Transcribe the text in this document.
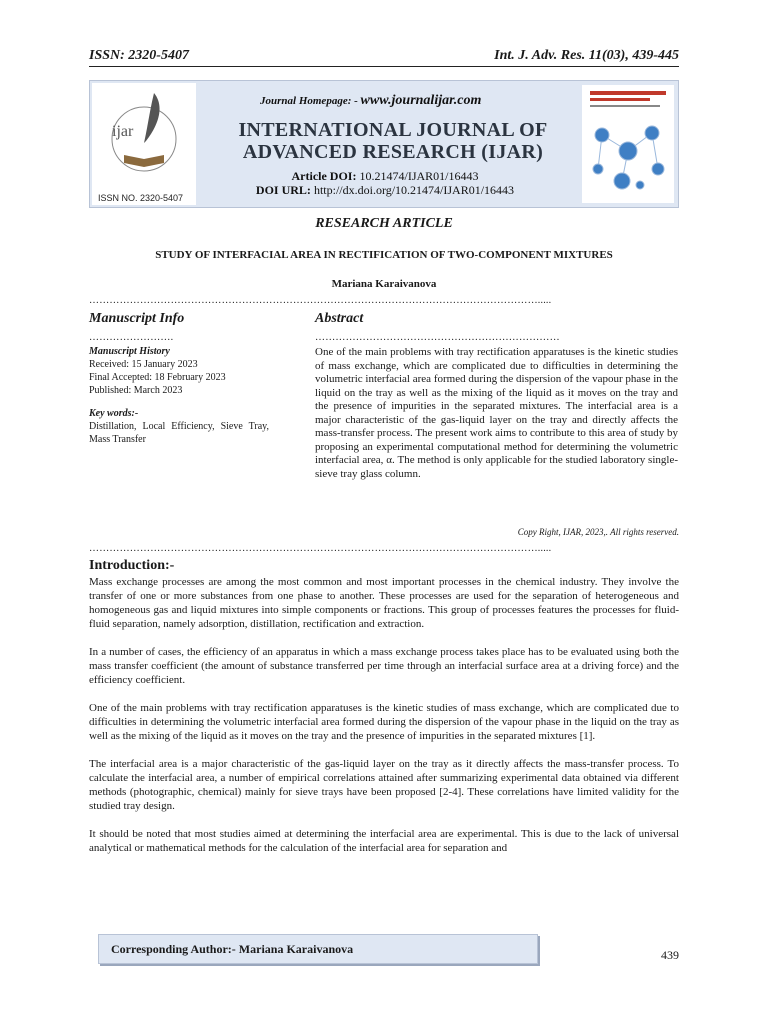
ISSN: 2320-5407	Int. J. Adv. Res. 11(03), 439-445
ijar
ISSN NO. 2320-5407
Journal Homepage: - www.journalijar.com
INTERNATIONAL JOURNAL OF
ADVANCED RESEARCH (IJAR)
Article DOI: 10.21474/IJAR01/16443
DOI URL: http://dx.doi.org/10.21474/IJAR01/16443
RESEARCH ARTICLE
STUDY OF INTERFACIAL AREA IN RECTIFICATION OF TWO-COMPONENT MIXTURES
Mariana Karaivanova
…………………………………………………………………………………………………………………….....
Manuscript Info	Abstract
…………………….	………………………………………………………………
Manuscript History
Received: 15 January 2023
Final Accepted: 18 February 2023
Published: March 2023
Key words:-
Distillation, Local Efficiency, Sieve Tray, Mass Transfer
One of the main problems with tray rectification apparatuses is the kinetic studies of mass exchange, which are complicated due to difficulties in determining the volumetric interfacial area formed during the dispersion of the vapour phase in the liquid on the tray as well as the mixing of the liquid as it moves on the tray and the presence of impurities in the separated mixtures. The interfacial area is a major characteristic of the gas-liquid layer on the tray and directly affects the mass-transfer process. The present work aims to contribute to this area of study by proposing an experimental computational method for determining the volumetric interfacial area, α. The method is only applicable for the studied laboratory single-sieve tray glass column.
Copy Right, IJAR, 2023,. All rights reserved.
…………………………………………………………………………………………………………………….....
Introduction:-

Mass exchange processes are among the most common and most important processes in the chemical industry. They involve the transfer of one or more substances from one phase to another. These processes are used for the separation of heterogeneous and homogeneous gas and liquid mixtures into simple components or fractions. This group of processes features the processes for fluid-fluid separation, namely adsorption, distillation, rectification and extraction.

In a number of cases, the efficiency of an apparatus in which a mass exchange process takes place has to be evaluated using both the mass transfer coefficient (the amount of substance transferred per time through an interfacial surface area at a driving force) and the efficiency coefficient.

One of the main problems with tray rectification apparatuses is the kinetic studies of mass exchange, which are complicated due to difficulties in determining the volumetric interfacial area formed during the dispersion of the vapour phase in the liquid on the tray as well as the mixing of the liquid as it moves on the tray and the presence of impurities in the separated mixtures [1].

The interfacial area is a major characteristic of the gas-liquid layer on the tray as it directly affects the mass-transfer process. To calculate the interfacial area, a number of empirical correlations attained after summarizing experimental data obtained via different methods (photographic, chemical) mainly for sieve trays have been proposed [2-4]. These correlations have limited validity for the studied tray design.

It should be noted that most studies aimed at determining the interfacial area are experimental. This is due to the lack of universal analytical or mathematical methods for the calculation of the interfacial area for separation and

Corresponding Author:- Mariana Karaivanova	439
